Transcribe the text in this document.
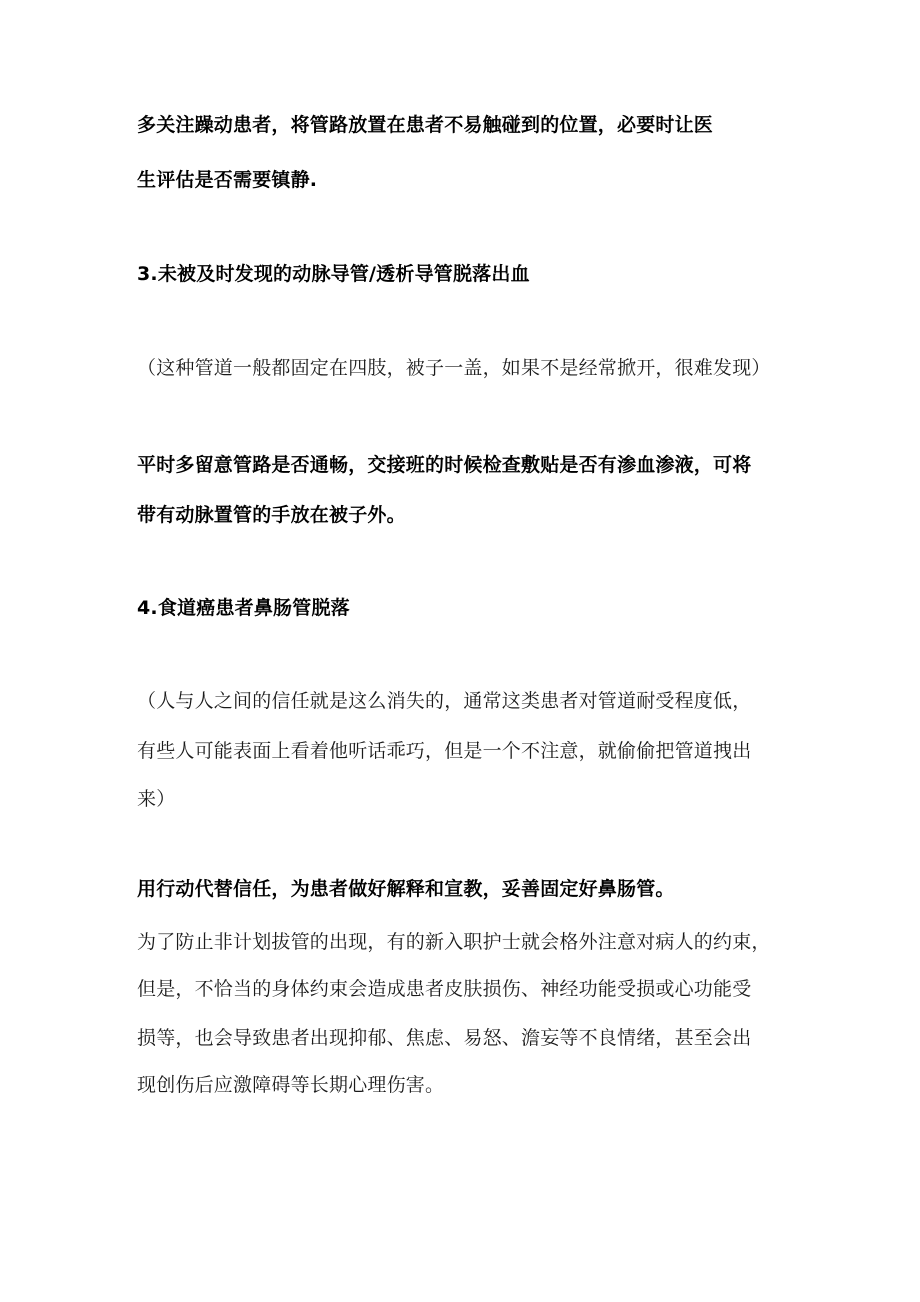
多关注躁动患者，将管路放置在患者不易触碰到的位置，必要时让医
生评估是否需要镇静.
3.未被及时发现的动脉导管/透析导管脱落出血
（这种管道一般都固定在四肢，被子一盖，如果不是经常掀开，很难发现）
平时多留意管路是否通畅，交接班的时候检查敷贴是否有渗血渗液，可将
带有动脉置管的手放在被子外。
4.食道癌患者鼻肠管脱落
（人与人之间的信任就是这么消失的，通常这类患者对管道耐受程度低，
有些人可能表面上看着他听话乖巧，但是一个不注意，就偷偷把管道拽出
来）
用行动代替信任，为患者做好解释和宣教，妥善固定好鼻肠管。
为了防止非计划拔管的出现，有的新入职护士就会格外注意对病人的约束，
但是，不恰当的身体约束会造成患者皮肤损伤、神经功能受损或心功能受
损等，也会导致患者出现抑郁、焦虑、易怒、澹妄等不良情绪，甚至会出
现创伤后应激障碍等长期心理伤害。
